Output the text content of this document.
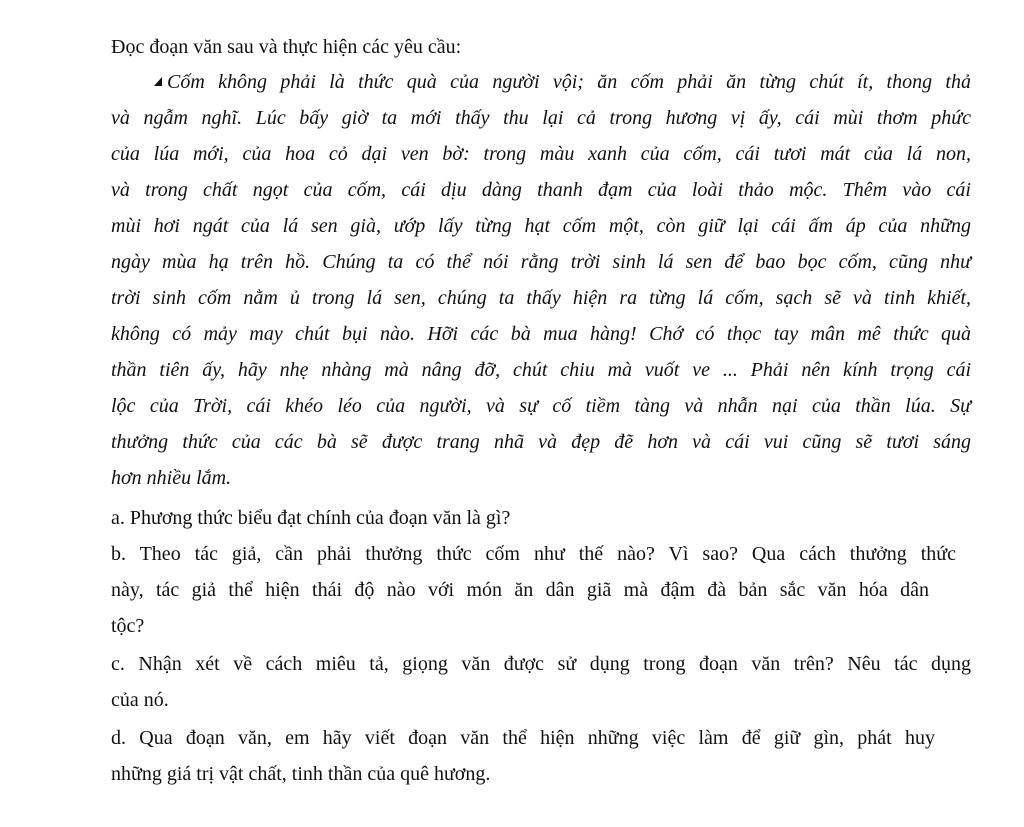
Đọc đoạn văn sau và thực hiện các yêu cầu:
Cốm không phải là thức quà của người vội; ăn cốm phải ăn từng chút ít, thong thả
và ngẫm nghĩ. Lúc bấy giờ ta mới thấy thu lại cả trong hương vị ấy, cái mùi thơm phức
của lúa mới, của hoa cỏ dại ven bờ: trong màu xanh của cốm, cái tươi mát của lá non,
và trong chất ngọt của cốm, cái dịu dàng thanh đạm của loài thảo mộc. Thêm vào cái
mùi hơi ngát của lá sen già, ướp lấy từng hạt cốm một, còn giữ lại cái ấm áp của những
ngày mùa hạ trên hồ. Chúng ta có thể nói rằng trời sinh lá sen để bao bọc cốm, cũng như
trời sinh cốm nằm ủ trong lá sen, chúng ta thấy hiện ra từng lá cốm, sạch sẽ và tinh khiết,
không có mảy may chút bụi nào. Hỡi các bà mua hàng! Chớ có thọc tay mân mê thức quà
thần tiên ấy, hãy nhẹ nhàng mà nâng đỡ, chút chiu mà vuốt ve ... Phải nên kính trọng cái
lộc của Trời, cái khéo léo của người, và sự cố tiềm tàng và nhẫn nại của thần lúa. Sự
thưởng thức của các bà sẽ được trang nhã và đẹp đẽ hơn và cái vui cũng sẽ tươi sáng
hơn nhiều lắm.
a. Phương thức biểu đạt chính của đoạn văn là gì?
b. Theo tác giả, cần phải thưởng thức cốm như thế nào? Vì sao? Qua cách thưởng thức
này, tác giả thể hiện thái độ nào với món ăn dân giã mà đậm đà bản sắc văn hóa dân
tộc?
c. Nhận xét về cách miêu tả, giọng văn được sử dụng trong đoạn văn trên? Nêu tác dụng
của nó.
d. Qua đoạn văn, em hãy viết đoạn văn thể hiện những việc làm để giữ gìn, phát huy
những giá trị vật chất, tinh thần của quê hương.
